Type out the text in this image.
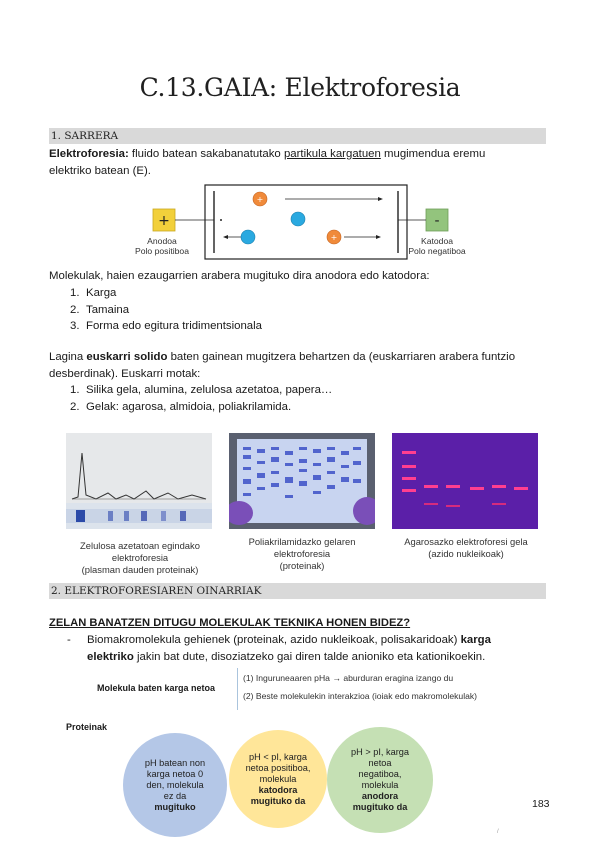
C.13.GAIA: Elektroforesia
1. SARRERA
Elektroforesia: fluido batean sakabanatutako partikula kargatuen mugimendua eremu
elektriko batean (E).
+
+
+	-
Anodoa
Polo positiboa
Katodoa
Polo negatiboa
Molekulak, haien ezaugarrien arabera mugituko dira anodora edo katodora:
1. Karga
2. Tamaina
3. Forma edo egitura tridimentsionala
Lagina euskarri solido baten gainean mugitzera behartzen da (euskarriaren arabera funtzio
desberdinak). Euskarri motak:
1. Silika gela, alumina, zelulosa azetatoa, papera…
2. Gelak: agarosa, almidoia, poliakrilamida.
Zelulosa azetatoan egindako
elektroforesia
(plasman dauden proteinak)
Poliakrilamidazko gelaren
elektroforesia
(proteinak)
Agarosazko elektroforesi gela
(azido nukleikoak)
2. ELEKTROFORESIAREN OINARRIAK
ZELAN BANATZEN DITUGU MOLEKULAK TEKNIKA HONEN BIDEZ?
- Biomakromolekula gehienek (proteinak, azido nukleikoak, polisakaridoak) karga
elektriko jakin bat dute, disoziatzeko gai diren talde anioniko eta kationikoekin.
Molekula baten karga netoa
(1) Inguruneaaren pHa → aburduran eragina izango du
(2) Beste molekulekin interakzioa (ioiak edo makromolekulak)
Proteinak
pH batean non
karga netoa 0
den, molekula
ez da
mugituko
pH < pI, karga
netoa positiboa,
molekula
katodora
mugituko da
pH > pI, karga
netoa
negatiboa,
molekula
anodora
mugituko da	183
/
